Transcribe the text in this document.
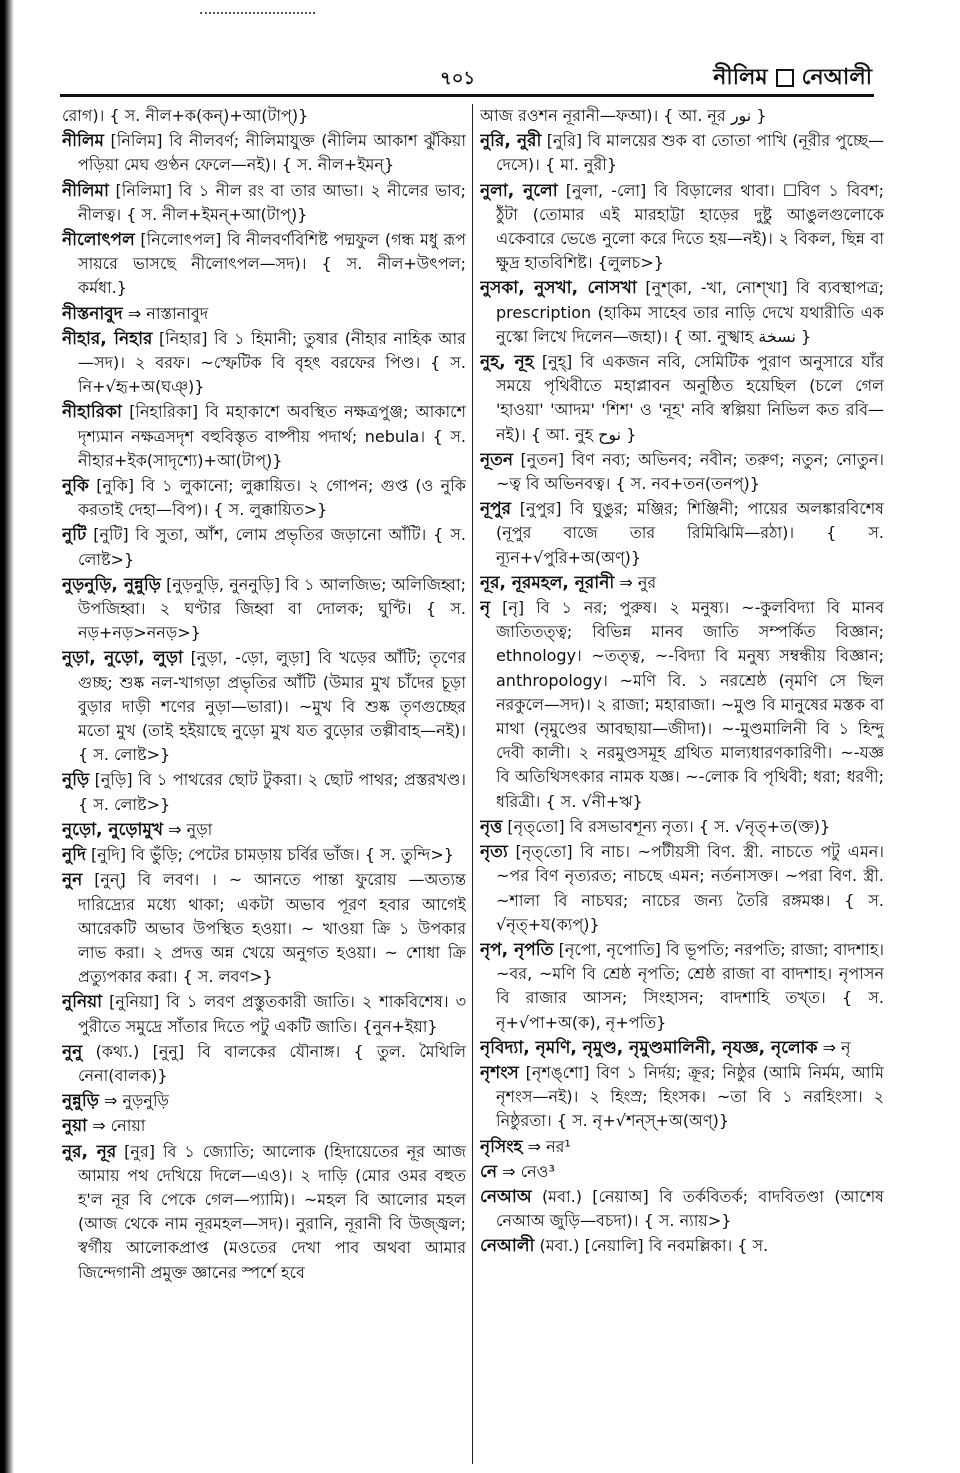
৭০১	নীলিম নেআলী

রোগ)। { স. নীল+ক(কন্)+আ(টাপ্)}

নীলিম [নিলিম] বি নীলবর্ণ; নীলিমাযুক্ত (নীলিম আকাশ ঝুঁকিয়া পড়িয়া মেঘ গুণ্ঠন ফেলে—নই)। { স. নীল+ইমন্}

নীলিমা [নিলিমা] বি ১ নীল রং বা তার আভা। ২ নীলের ভাব; নীলত্ব। { স. নীল+ইমন্+আ(টাপ্)}

নীলোৎপল [নিলোৎপল] বি নীলবর্ণবিশিষ্ট পদ্মফুল (গন্ধ মধু রূপ সায়রে ভাসছে নীলোৎপল—সদ)। { স. নীল+উৎপল; কর্মধা.}

নীস্তনাবুদ ⇒ নাস্তানাবুদ

নীহার, নিহার [নিহার] বি ১ হিমানী; তুষার (নীহার নাহিক আর—সদ)। ২ বরফ। ~স্ফেটিক বি বৃহৎ বরফের পিণ্ড। { স. নি+√হৃ+অ(ঘঞ্)}

নীহারিকা [নিহারিকা] বি মহাকাশে অবস্থিত নক্ষত্রপুঞ্জ; আকাশে দৃশ্যমান নক্ষত্রসদৃশ বহুবিস্তৃত বাষ্পীয় পদার্থ; nebula। { স. নীহার+ইক(সাদৃশ্যে)+আ(টাপ্)}

নুকি [নুকি] বি ১ লুকানো; লুক্কায়িত। ২ গোপন; গুপ্ত (ও নুকি করতাই দেহা—বিপ)। { স. লুক্কায়িত>}

নুটি [নুটি] বি সুতা, আঁশ, লোম প্রভৃতির জড়ানো আঁটি। { স. লোষ্ট>}

নুড়নুড়ি, নুন্নুড়ি [নুড়নুড়ি, নুননুড়ি] বি ১ আলজিভ; অলিজিহ্বা; উপজিহ্বা। ২ ঘণ্টার জিহ্বা বা দোলক; ঘুণ্টি। { স. নড়+নড়>ননড়>}

নুড়া, নুড়ো, লুড়া [নুড়া, -ড়ো, লুড়া] বি খড়ের আঁটি; তৃণের গুচ্ছ; শুষ্ক নল-খাগড়া প্রভৃতির আঁটি (উমার মুখ চাঁদের চূড়া বুড়ার দাড়ী শণের নুড়া—ভারা)। ~মুখ বি শুষ্ক তৃণগুচ্ছের মতো মুখ (তাই হইয়াছে নুড়ো মুখ যত বুড়োর তল্পীবাহ—নই)। { স. লোষ্ট>}

নুড়ি [নুড়ি] বি ১ পাথরের ছোট টুকরা। ২ ছোট পাথর; প্রস্তরখণ্ড। { স. লোষ্ট>}

নুড়ো, নুড়োমুখ ⇒ নুড়া

নুদি [নুদি] বি ভুঁড়ি; পেটের চামড়ায় চর্বির ভাঁজ। { স. তুন্দি>}

নুন [নুন্] বি লবণ। । ~ আনতে পান্তা ফুরোয় —অত্যন্ত দারিদ্র্যের মধ্যে থাকা; একটা অভাব পূরণ হবার আগেই আরেকটি অভাব উপস্থিত হওয়া। ~ খাওয়া ক্রি ১ উপকার লাভ করা। ২ প্রদত্ত অন্ন খেয়ে অনুগত হওয়া। ~ শোধা ক্রি প্রত্যুপকার করা। { স. লবণ>}

নুনিয়া [নুনিয়া] বি ১ লবণ প্রস্তুতকারী জাতি। ২ শাকবিশেষ। ৩ পুরীতে সমুদ্রে সাঁতার দিতে পটু একটি জাতি। {নুন+ইয়া}

নুনু (কথ্য.) [নুনু] বি বালকের যৌনাঙ্গ। { তুল. মৈথিলি নেনা(বালক)}

নুন্নুড়ি ⇒ নুড়নুড়ি

নুয়া ⇒ নোয়া

নুর, নূর [নুর] বি ১ জ্যোতি; আলোক (হিদায়েতের নূর আজ আমায় পথ দেখিয়ে দিলে—এও)। ২ দাড়ি (মোর ওমর বহুত হ'ল নূর বি পেকে গেল—প্যামি)। ~মহল বি আলোর মহল (আজ থেকে নাম নূরমহল—সদ)। নুরানি, নূরানী বি উজ্জ্বল; স্বর্গীয় আলোকপ্রাপ্ত (মওতের দেখা পাব অথবা আমার জিন্দেগানী প্রমুক্ত জ্ঞানের স্পর্শে হবে

আজ রওশন নূরানী—ফআ)। { আ. নূর نور }

নুরি, নুরী [নুরি] বি মালয়ের শুক বা তোতা পাখি (নূরীর পুচ্ছে—দেসে)। { মা. নুরী}

নুলা, নুলো [নুলা, -লো] বি বিড়ালের থাবা। ☐বিণ ১ বিবশ; ঠুঁটা (তোমার এই মারহাট্টা হাড়ের দুষ্টু আঙুলগুলোকে একেবারে ভেঙে নুলো করে দিতে হয়—নই)। ২ বিকল, ছিন্ন বা ক্ষুদ্র হাতবিশিষ্ট। {লুলচ>}

নুসকা, নুসখা, নোসখা [নুশ্‌কা, -খা, নোশ্‌খা] বি ব্যবস্থাপত্র; prescription (হাকিম সাহেব তার নাড়ি দেখে যথারীতি এক নুস্কো লিখে দিলেন—জহা)। { আ. নুস্খাহ نسخة }

নুহ, নূহ [নুহ্] বি একজন নবি, সেমিটিক পুরাণ অনুসারে যাঁর সময়ে পৃথিবীতে মহাপ্লাবন অনুষ্ঠিত হয়েছিল (চলে গেল 'হাওয়া' 'আদম' 'শিশ' ও 'নূহ' নবি স্বল্পিয়া নিভিল কত রবি—নই)। { আ. নুহ نوح }

নূতন [নুতন] বিণ নব্য; অভিনব; নবীন; তরুণ; নতুন; নোতুন। ~ত্ব বি অভিনবত্ব। { স. নব+তন(তনপ্)}

নূপুর [নুপুর] বি ঘুঙুর; মঞ্জির; শিঞ্জিনী; পায়ের অলঙ্কারবিশেষ (নূপুর বাজে তার রিমিঝিমি—রঠা)। { স. ন্যূন+√পুরি+অ(অণ্)}

নূর, নূরমহল, নূরানী ⇒ নুর

নৃ [নৃ] বি ১ নর; পুরুষ। ২ মনুষ্য। ~-কুলবিদ্যা বি মানব জাতিতত্ত্ব; বিভিন্ন মানব জাতি সম্পর্কিত বিজ্ঞান; ethnology। ~তত্ত্ব, ~-বিদ্যা বি মনুষ্য সম্বন্ধীয় বিজ্ঞান; anthropology। ~মণি বি. ১ নরশ্রেষ্ঠ (নৃমণি সে ছিল নরকুলে—সদ)। ২ রাজা; মহারাজা। ~মুণ্ড বি মানুষের মস্তক বা মাথা (নৃমুণ্ডের আবছায়া—জীদা)। ~-মুণ্ডমালিনী বি ১ হিন্দু দেবী কালী। ২ নরমুণ্ডসমূহ গ্রথিত মাল্যধারণকারিণী। ~-যজ্ঞ বি অতিথিসৎকার নামক যজ্ঞ। ~-লোক বি পৃথিবী; ধরা; ধরণী; ধরিত্রী। { স. √নী+ঋ}

নৃত্ত [নৃত্‌তো] বি রসভাবশূন্য নৃত্য। { স. √নৃত্+ত(ক্ত)}

নৃত্য [নৃত্‌তো] বি নাচ। ~পটীয়সী বিণ. স্ত্রী. নাচতে পটু এমন। ~পর বিণ নৃত্যরত; নাচছে এমন; নর্তনাসক্ত। ~পরা বিণ. স্ত্রী. ~শালা বি নাচঘর; নাচের জন্য তৈরি রঙ্গমঞ্চ। { স. √নৃত্+য(ক্যপ্)}

নৃপ, নৃপতি [নৃপো, নৃপোতি] বি ভূপতি; নরপতি; রাজা; বাদশাহ। ~বর, ~মণি বি শ্রেষ্ঠ নৃপতি; শ্রেষ্ঠ রাজা বা বাদশাহ। নৃপাসন বি রাজার আসন; সিংহাসন; বাদশাহি তখ্‌ত। { স. নৃ+√পা+অ(ক), নৃ+পতি}

নৃবিদ্যা, নৃমণি, নৃমুণ্ড, নৃমুণ্ডমালিনী, নৃযজ্ঞ, নৃলোক ⇒ নৃ

নৃশংস [নৃশঙ্‌শো] বিণ ১ নির্দয়; ক্রূর; নিষ্ঠুর (আমি নির্মম, আমি নৃশংস—নই)। ২ হিংস্র; হিংসক। ~তা বি ১ নরহিংসা। ২ নিষ্ঠুরতা। { স. নৃ+√শন্‌স্+অ(অণ্)}

নৃসিংহ ⇒ নর¹

নে ⇒ নেও³

নেআঅ (মবা.) [নেয়াঅ] বি তর্কবিতর্ক; বাদবিতণ্ডা (আশেষ নেআঅ জুড়ি—বচদা)। { স. ন্যায়>}

নেআলী (মবা.) [নেয়ালি] বি নবমল্লিকা। { স.
